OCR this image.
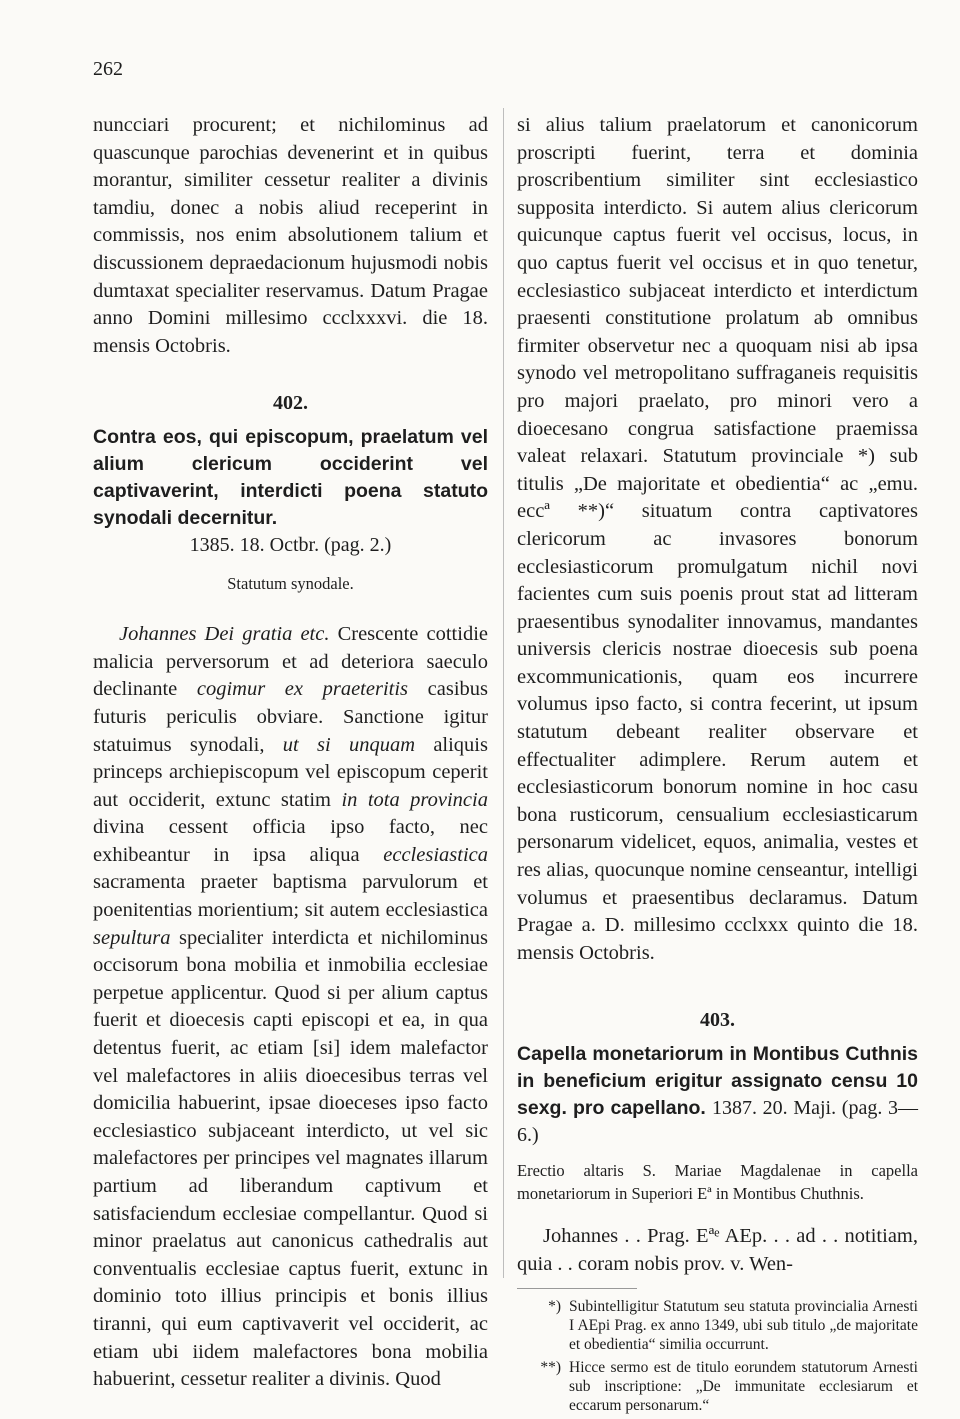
262

nuncciari procurent; et nichilominus ad quascunque parochias devenerint et in quibus morantur, similiter cessetur realiter a divinis tamdiu, donec a nobis aliud receperint in commissis, nos enim absolutionem talium et discussionem depraedacionum hujusmodi nobis dumtaxat specialiter reservamus. Datum Pragae anno Domini millesimo ccclxxxvi. die 18. mensis Octobris.

402.

Contra eos, qui episcopum, praelatum vel alium clericum occiderint vel captivaverint, interdicti poena statuto synodali decernitur.

1385. 18. Octbr. (pag. 2.)

Statutum synodale.

Johannes Dei gratia etc. Crescente cottidie malicia perversorum et ad deteriora saeculo declinante cogimur ex praeteritis casibus futuris periculis obviare. Sanctione igitur statuimus synodali, ut si unquam aliquis princeps archiepiscopum vel episcopum ceperit aut occiderit, extunc statim in tota provincia divina cessent officia ipso facto, nec exhibeantur in ipsa aliqua ecclesiastica sacramenta praeter baptisma parvulorum et poenitentias morientium; sit autem ecclesiastica sepultura specialiter interdicta et nichilominus occisorum bona mobilia et inmobilia ecclesiae perpetue applicentur. Quod si per alium captus fuerit et dioecesis capti episcopi et ea, in qua detentus fuerit, ac etiam [si] idem malefactor vel malefactores in aliis dioecesibus terras vel domicilia habuerint, ipsae dioeceses ipso facto ecclesiastico subjaceant interdicto, ut vel sic malefactores per principes vel magnates illarum partium ad liberandum captivum et satisfaciendum ecclesiae compellantur. Quod si minor praelatus aut canonicus cathedralis aut conventualis ecclesiae captus fuerit, extunc in dominio toto illius principis et bonis illius tiranni, qui eum captivaverit vel occiderit, ac etiam ubi iidem malefactores bona mobilia habuerint, cessetur realiter a divinis. Quod

si alius talium praelatorum et canonicorum proscripti fuerint, terra et dominia proscribentium similiter sint ecclesiastico supposita interdicto. Si autem alius clericorum quicunque captus fuerit vel occisus, locus, in quo captus fuerit vel occisus et in quo tenetur, ecclesiastico subjaceat interdicto et interdictum praesenti constitutione prolatum ab omnibus firmiter observetur nec a quoquam nisi ab ipsa synodo vel metropolitano suffraganeis requisitis pro majori praelato, pro minori vero a dioecesano congrua satisfactione praemissa valeat relaxari. Statutum provinciale *) sub titulis „De majoritate et obedientia“ ac „emu. eccª **)“ situatum contra captivatores clericorum ac invasores bonorum ecclesiasticorum promulgatum nichil novi facientes cum suis poenis prout stat ad litteram praesentibus synodaliter innovamus, mandantes universis clericis nostrae dioecesis sub poena excommunicationis, quam eos incurrere volumus ipso facto, si contra fecerint, ut ipsum statutum debeant realiter observare et effectualiter adimplere. Rerum autem et ecclesiasticorum bonorum nomine in hoc casu bona rusticorum, censualium ecclesiasticarum personarum videlicet, equos, animalia, vestes et res alias, quocunque nomine censeantur, intelligi volumus et praesentibus declaramus. Datum Pragae a. D. millesimo ccclxxx quinto die 18. mensis Octobris.

403.

Capella monetariorum in Montibus Cuthnis in beneficium erigitur assignato censu 10 sexg. pro capellano. 1387. 20. Maji. (pag. 3—6.)

Erectio altaris S. Mariae Magdalenae in capella monetariorum in Superiori Eª in Montibus Chuthnis.

Johannes . . Prag. Eªᵉ AEp. . . ad . . notitiam, quia . . coram nobis prov. v. Wen-

*) Subintelligitur Statutum seu statuta provincialia Arnesti I AEpi Prag. ex anno 1349, ubi sub titulo „de majoritate et obedientia“ similia occurrunt.
**) Hicce sermo est de titulo eorundem statutorum Arnesti sub inscriptione: „De immunitate ecclesiarum et eccarum personarum.“
